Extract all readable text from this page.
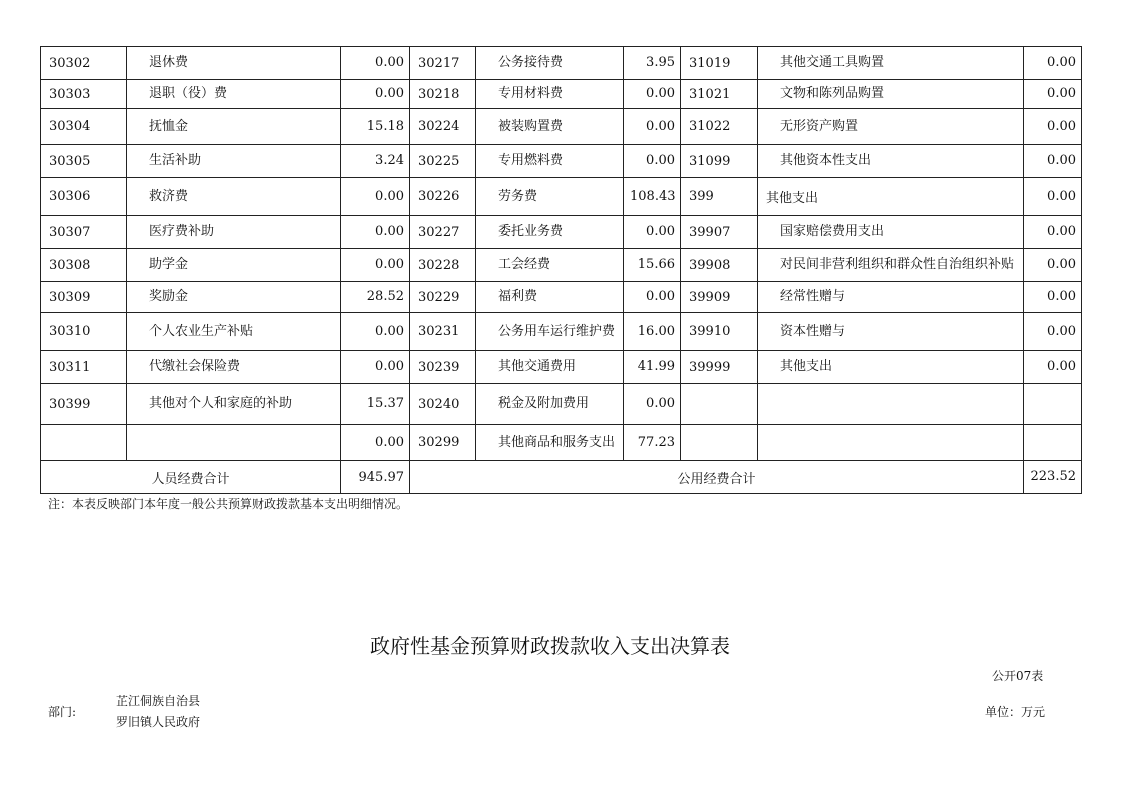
30302	退休费	0.00	30217	公务接待费	3.95	31019	其他交通工具购置	0.00
30303	退职（役）费	0.00	30218	专用材料费	0.00	31021	文物和陈列品购置	0.00
30304	抚恤金	15.18	30224	被装购置费	0.00	31022	无形资产购置	0.00
30305	生活补助	3.24	30225	专用燃料费	0.00	31099	其他资本性支出	0.00
30306	救济费	0.00	30226	劳务费	108.43	399	其他支出	0.00
30307	医疗费补助	0.00	30227	委托业务费	0.00	39907	国家赔偿费用支出	0.00
30308	助学金	0.00	30228	工会经费	15.66	39908	对民间非营利组织和群众性自治组织补贴	0.00
30309	奖励金	28.52	30229	福利费	0.00	39909	经常性赠与	0.00
30310	个人农业生产补贴	0.00	30231	公务用车运行维护费	16.00	39910	资本性赠与	0.00
30311	代缴社会保险费	0.00	30239	其他交通费用	41.99	39999	其他支出	0.00
30399	其他对个人和家庭的补助	15.37	30240	税金及附加费用	0.00			
		0.00	30299	其他商品和服务支出	77.23			
人员经费合计		945.97	公用经费合计					223.52
注：本表反映部门本年度一般公共预算财政拨款基本支出明细情况。
政府性基金预算财政拨款收入支出决算表
公开07表
部门:
芷江侗族自治县
罗旧镇人民政府
单位：万元
